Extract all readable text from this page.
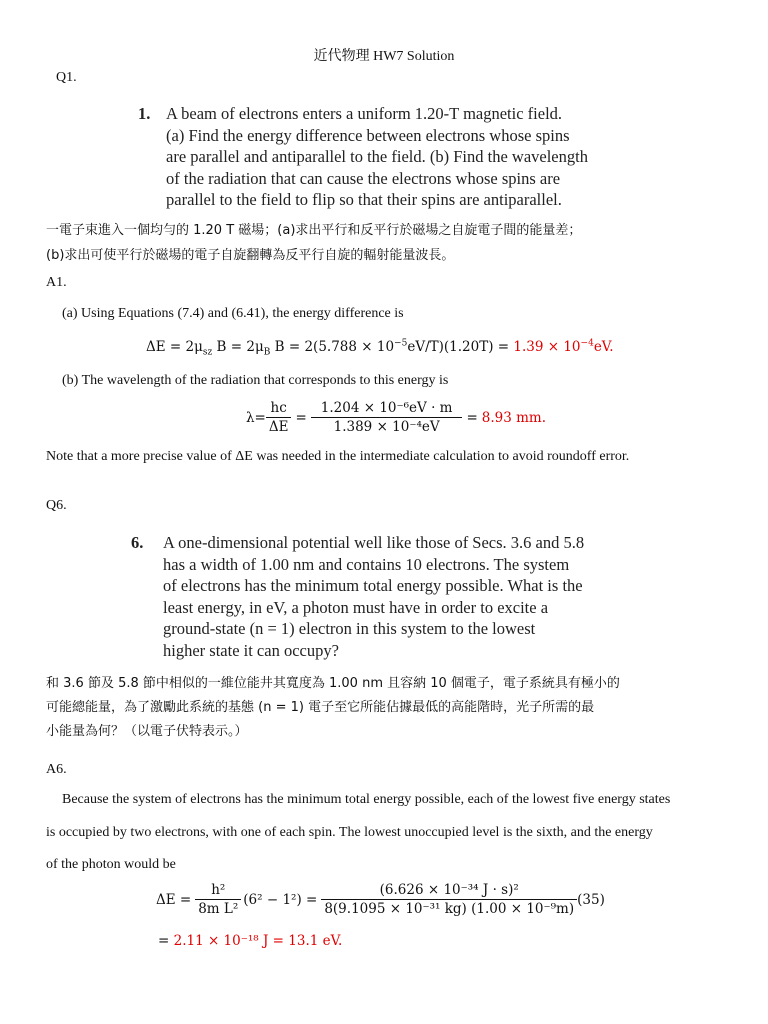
近代物理 HW7 Solution
Q1.
1. A beam of electrons enters a uniform 1.20-T magnetic field.
(a) Find the energy difference between electrons whose spins
are parallel and antiparallel to the field. (b) Find the wavelength
of the radiation that can cause the electrons whose spins are
parallel to the field to flip so that their spins are antiparallel.
一電子束進入一個均勻的 1.20 T 磁場；(a)求出平行和反平行於磁場之自旋電子間的能量差；
(b)求出可使平行於磁場的電子自旋翻轉為反平行自旋的輻射能量波長。
A1.
(a) Using Equations (7.4) and (6.41), the energy difference is
$\Delta E = 2\mu_{sz}$ $B = 2\mu_B$ $B = 2(5.788 \times 10^{-5}eV/T)(1.20T) = 1.39 \times 10^{-4}eV$.
(b) The wavelength of the radiation that corresponds to this energy is
$\lambda= \frac{hc}{\Delta E} = \frac{\text{1.204 × 10⁻⁶eV · m}}{\text{1.389 × 10⁻⁴eV}} = 8.93$ mm.
Note that a more precise value of ΔE was needed in the intermediate calculation to avoid roundoff error.
Q6.
6. A one-dimensional potential well like those of Secs. 3.6 and 5.8
has a width of 1.00 nm and contains 10 electrons. The system
of electrons has the minimum total energy possible. What is the
least energy, in eV, a photon must have in order to excite a
ground-state (n = 1) electron in this system to the lowest
higher state it can occupy?
和 3.6 節及 5.8 節中相似的一維位能井其寬度為 1.00 nm 且容納 10 個電子，電子系統具有極小的
可能總能量，為了激勵此系統的基態 (n = 1) 電子至它所能佔據最低的高能階時，光子所需的最
小能量為何？（以電子伏特表示。）
A6.
Because the system of electrons has the minimum total energy possible, each of the lowest five energy states
is occupied by two electrons, with one of each spin. The lowest unoccupied level is the sixth, and the energy
of the photon would be
$\Delta E = \frac{\text{h²}}{\text{8m L²}} (6^2 - 1^2) = \frac{\text{(6.626 × 10⁻³⁴ J · s)²}}{\text{8(9.1095 × 10⁻³¹ kg) (1.00 × 10⁻⁹m)}} (35)$
= 2.11 × 10⁻¹⁸ J = 13.1 eV.
